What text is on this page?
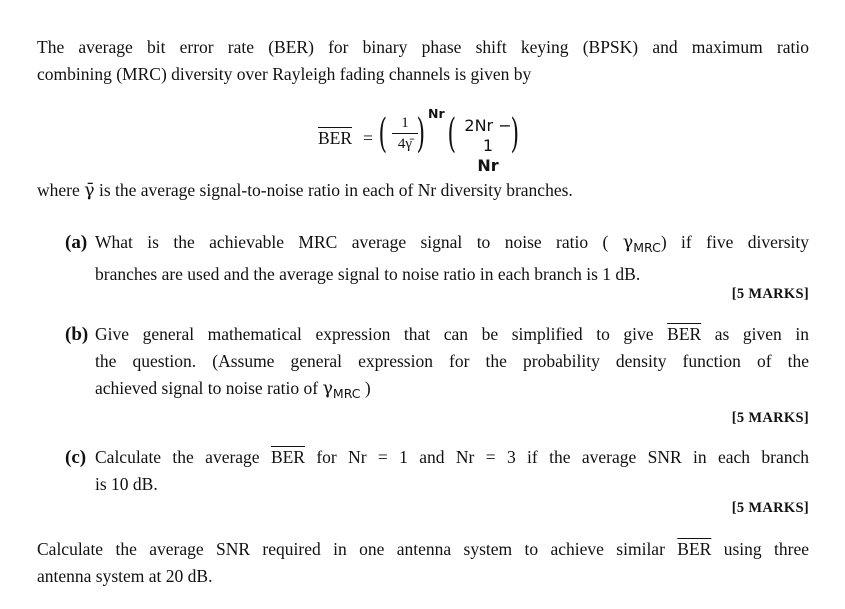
The average bit error rate (BER) for binary phase shift keying (BPSK) and maximum ratio
combining (MRC) diversity over Rayleigh fading channels is given by
$\overline{BER}$ = ( 1
4γ̄ ) Nr ( 2Nr − 1
Nr
)
where γ̄ is the average signal-to-noise ratio in each of Nr diversity branches.
(a) What is the achievable MRC average signal to noise ratio ( $\gamma_{MRC}$) if five diversity
branches are used and the average signal to noise ratio in each branch is 1 dB.
[5 MARKS]
(b) Give general mathematical expression that can be simplified to give $\overline{BER}$ as given in
the question. (Assume general expression for the probability density function of the
achieved signal to noise ratio of $\gamma_{MRC}$ )
[5 MARKS]
(c) Calculate the average $\overline{BER}$ for Nr = 1 and Nr = 3 if the average SNR in each branch
is 10 dB.
[5 MARKS]
Calculate the average SNR required in one antenna system to achieve similar $\overline{BER}$ using three
antenna system at 20 dB.
